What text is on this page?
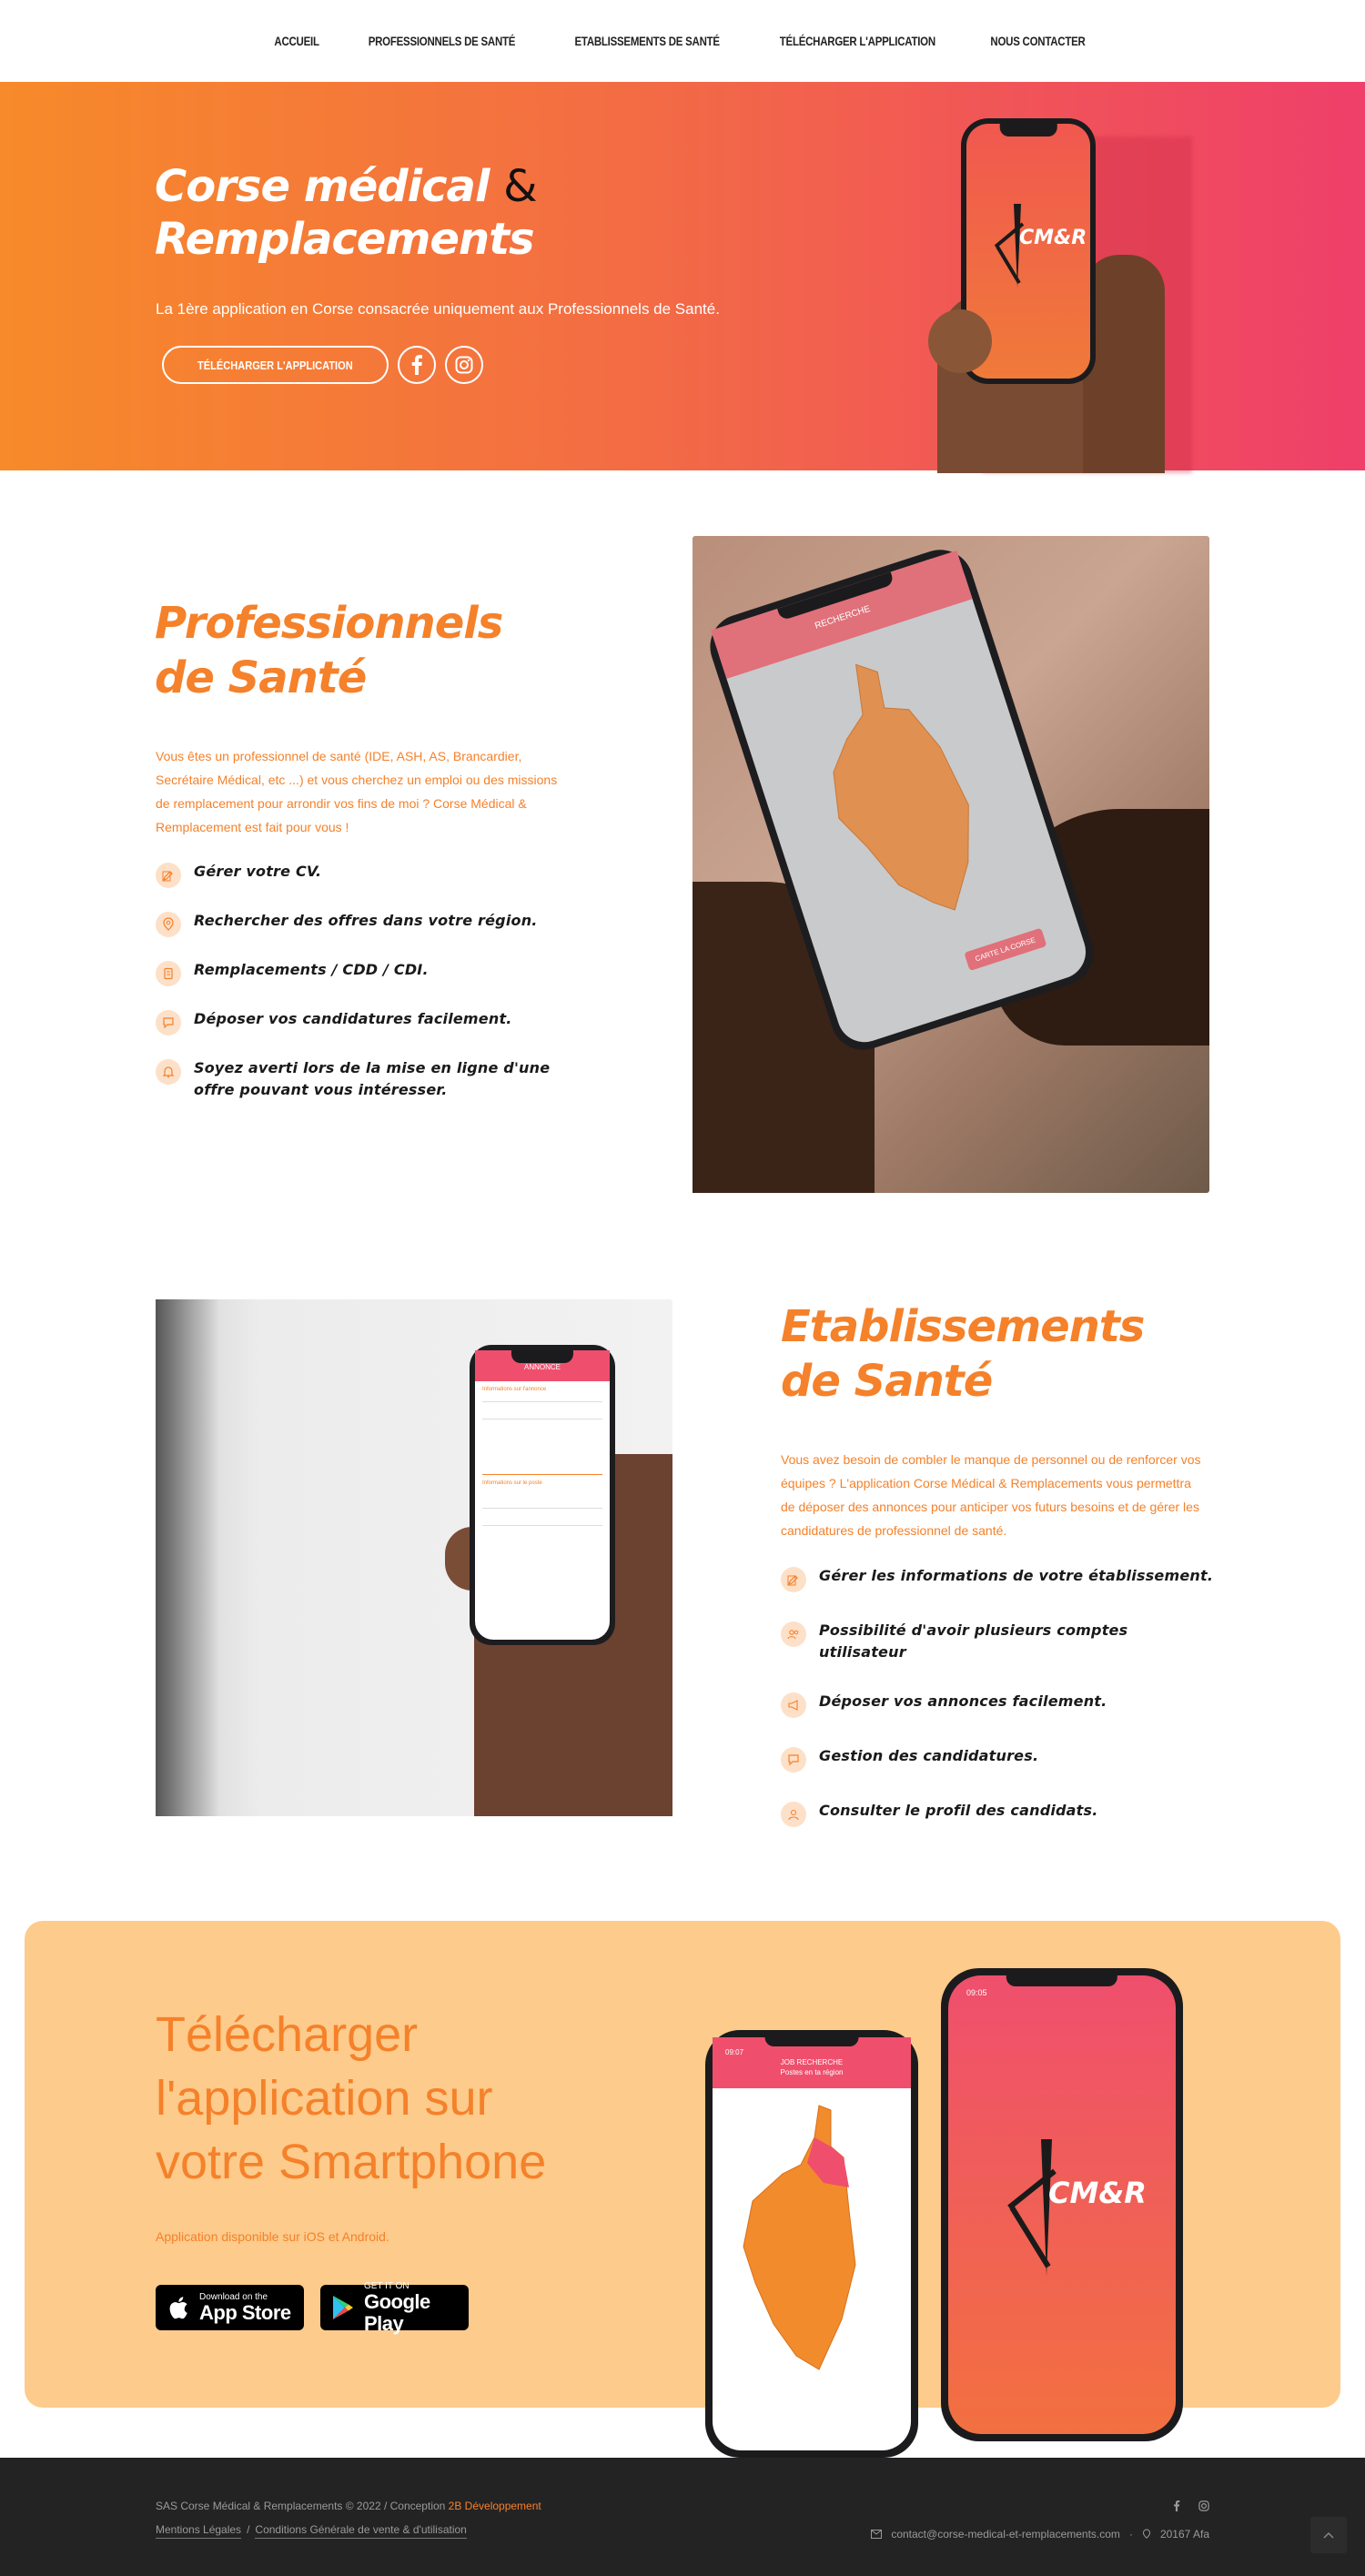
ACCUEIL	PROFESSIONNELS DE SANTÉ	ETABLISSEMENTS DE SANTÉ	TÉLÉCHARGER L'APPLICATION	NOUS CONTACTER
Corse médical &
Remplacements

La 1ère application en Corse consacrée uniquement aux Professionnels de Santé.

TÉLÉCHARGER L'APPLICATION
CM&R
Professionnels
de Santé

Vous êtes un professionnel de santé (IDE, ASH, AS, Brancardier, Secrétaire Médical, etc ...) et vous cherchez un emploi ou des missions de remplacement pour arrondir vos fins de moi ? Corse Médical & Remplacement est fait pour vous !

Gérer votre CV.
Rechercher des offres dans votre région.
Remplacements / CDD / CDI.
Déposer vos candidatures facilement.
Soyez averti lors de la mise en ligne d'une offre pouvant vous intéresser.
RECHERCHE
CARTE LA CORSE
ANNONCE
Informations sur l'annonce
Informations sur le poste
Etablissements
de Santé

Vous avez besoin de combler le manque de personnel ou de renforcer vos équipes ? L'application Corse Médical & Remplacements vous permettra de déposer des annonces pour anticiper vos futurs besoins et de gérer les candidatures de professionnel de santé.

Gérer les informations de votre établissement.
Possibilité d'avoir plusieurs comptes utilisateur
Déposer vos annonces facilement.
Gestion des candidatures.
Consulter le profil des candidats.
Télécharger
l'application sur
votre Smartphone

Application disponible sur iOS et Android.

Download on the
App Store
GET IT ON
Google Play
JOB RECHERCHE
Postes en ta région
09:07
09:05
CM&R
SAS Corse Médical & Remplacements © 2022 / Conception 2B Développement
Mentions Légales / Conditions Générale de vente & d'utilisation	contact@corse-medical-et-remplacements.com ·	20167 Afa
